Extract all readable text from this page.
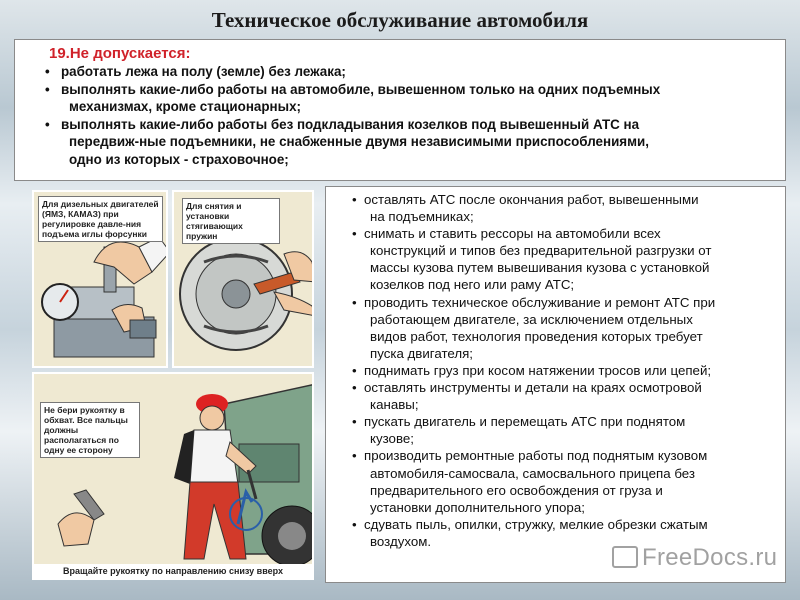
Техническое обслуживание автомобиля
19.Не допускается:
• работать лежа на полу (земле) без лежака;
• выполнять какие-либо работы на автомобиле, вывешенном только на одних подъемных

механизмах, кроме стационарных;
• выполнять какие-либо работы без подкладывания козелков под вывешенный АТС на

передвиж-ные подъемники, не снабженные двумя независимыми приспособлениями,
одно из которых - страховочное;
Для дизельных двигателей (ЯМЗ, КАМАЗ) при регулировке давле-ния подъема иглы форсунки
Для снятия и установки стягивающих пружин
Не бери рукоятку в обхват. Все пальцы должны располагаться по одну ее сторону
Вращайте рукоятку по направлению снизу вверх
• оставлять АТС после окончания работ, вывешенными

на подъемниках;
• снимать и ставить рессоры на автомобили всех

конструкций и типов без предварительной разгрузки от
массы кузова путем вывешивания кузова с установкой
козелков под него или раму АТС;
• проводить техническое обслуживание и ремонт АТС при

работающем двигателе, за исключением отдельных
видов работ, технология проведения которых требует
пуска двигателя;
• поднимать груз при косом натяжении тросов или цепей;
• оставлять инструменты и детали на краях осмотровой

канавы;
• пускать двигатель и перемещать АТС при поднятом

кузове;
• производить ремонтные работы под поднятым кузовом

автомобиля-самосвала, самосвального прицепа без
предварительного его освобождения от груза и
установки дополнительного упора;
• сдувать пыль, опилки, стружку, мелкие обрезки сжатым

воздухом.
FreeDocs.ru
